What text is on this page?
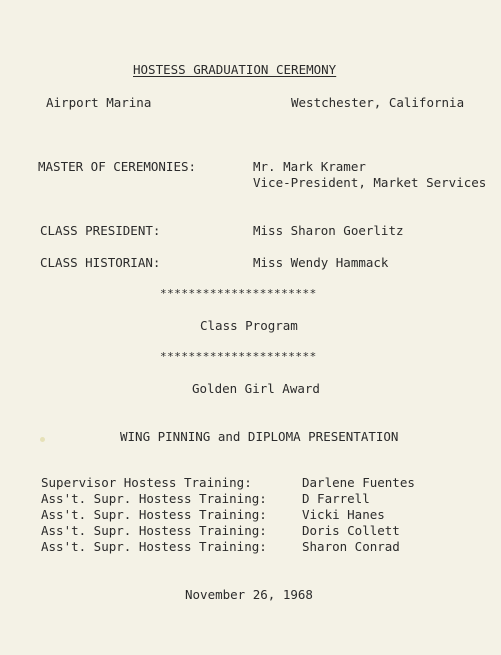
HOSTESS GRADUATION CEREMONY
Airport Marina	Westchester, California
MASTER OF CEREMONIES:	Mr. Mark Kramer
Vice-President, Market Services
CLASS PRESIDENT:	Miss Sharon Goerlitz
CLASS HISTORIAN:	Miss Wendy Hammack
**********************
Class Program
**********************
Golden Girl Award
WING PINNING and DIPLOMA PRESENTATION
Supervisor Hostess Training:	Darlene Fuentes
Ass't. Supr. Hostess Training:	D Farrell
Ass't. Supr. Hostess Training:	Vicki Hanes
Ass't. Supr. Hostess Training:	Doris Collett
Ass't. Supr. Hostess Training:	Sharon Conrad
November 26, 1968
